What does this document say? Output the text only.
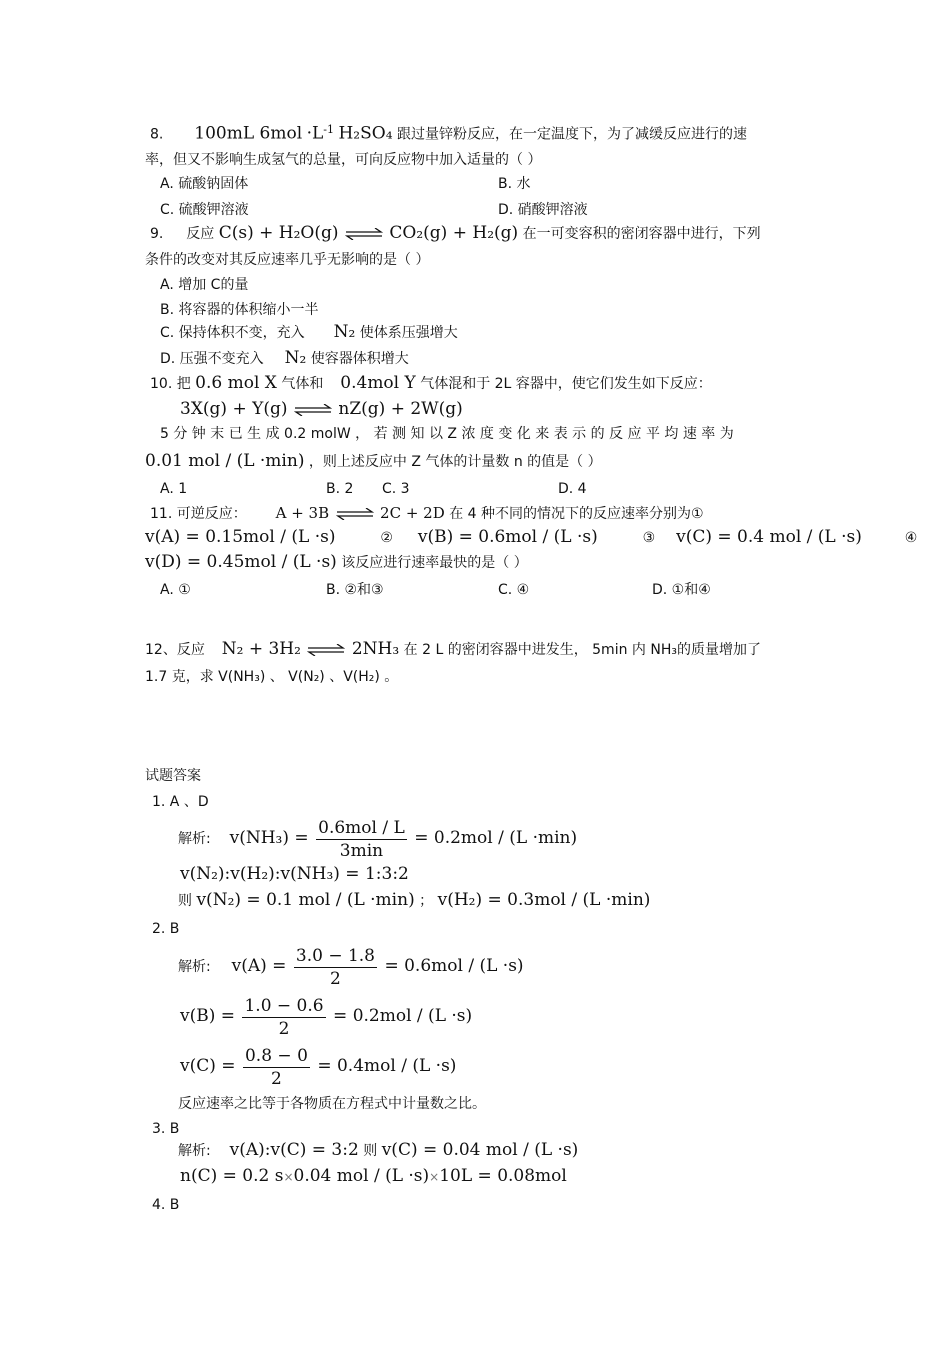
8. 100mL $6mol \cdot L^{-1}$ H₂SO₄ 跟过量锌粉反应，在一定温度下，为了减缓反应进行的速
率，但又不影响生成氢气的总量，可向反应物中加入适量的（ ）
A. 硫酸钠固体	B. 水
C. 硫酸钾溶液	D. 硝酸钾溶液
9. 反应 C(s) + H₂O(g) ⇌ CO₂(g) + H₂(g) 在一可变容积的密闭容器中进行，下列
条件的改变对其反应速率几乎无影响的是（ ）
A. 增加 C的量
B. 将容器的体积缩小一半
C. 保持体积不变，充入 N₂ 使体系压强增大
D. 压强不变充入 N₂ 使容器体积增大
10. 把 0.6 mol X 气体和 0.4mol Y 气体混和于 2L 容器中，使它们发生如下反应：
3X(g) + Y(g) ⇌ nZ(g) + 2W(g)
5 分 钟 末 已 生 成 0.2 molW ， 若 测 知 以 Z 浓 度 变 化 来 表 示 的 反 应 平 均 速 率 为
0.01 mol / (L ·min) ，则上述反应中 Z 气体的计量数 n 的值是（ ）
A. 1	B. 2 C. 3	D. 4
11. 可逆反应： A + 3B ⇌ 2C + 2D 在 4 种不同的情况下的反应速率分别为①
v(A) = 0.15mol / (L ·s)	② v(B) = 0.6mol / (L ·s)	③ v(C) = 0.4 mol / (L ·s)	④
v(D) = 0.45mol / (L ·s) 该反应进行速率最快的是（ ）
A. ①	B. ②和③	C. ④	D. ①和④
12、反应 N₂ + 3H₂ ⇌ 2NH₃ 在 2 L 的密闭容器中进发生， 5min 内 NH₃的质量增加了
1.7 克，求 V(NH₃) 、 V(N₂) 、V(H₂) 。
试题答案
1. A 、D
解析: $v(NH_3) = \frac{\text{0.6mol / L}}{3\min} = 0.2mol / (L \cdot\min)$
v(N₂):v(H₂):v(NH₃) = 1:3:2
则 v(N₂) = 0.1 mol / (L ·min) ； v(H₂) = 0.3mol / (L ·min)
2. B
解析: $v(A) = \frac{3.0 - 1.8}{2} = 0.6mol / (L \cdot s)$
$v(B) = \frac{1.0 - 0.6}{2} = 0.2mol / (L \cdot s)$
$v(C) = \frac{0.8 - 0}{2} = 0.4mol / (L \cdot s)$
反应速率之比等于各物质在方程式中计量数之比。
3. B
解析: v(A):v(C) = 3:2 则 v(C) = 0.04 mol / (L ·s)
n(C) = 0.2 s×0.04 mol / (L ·s)×10L = 0.08mol
4. B
